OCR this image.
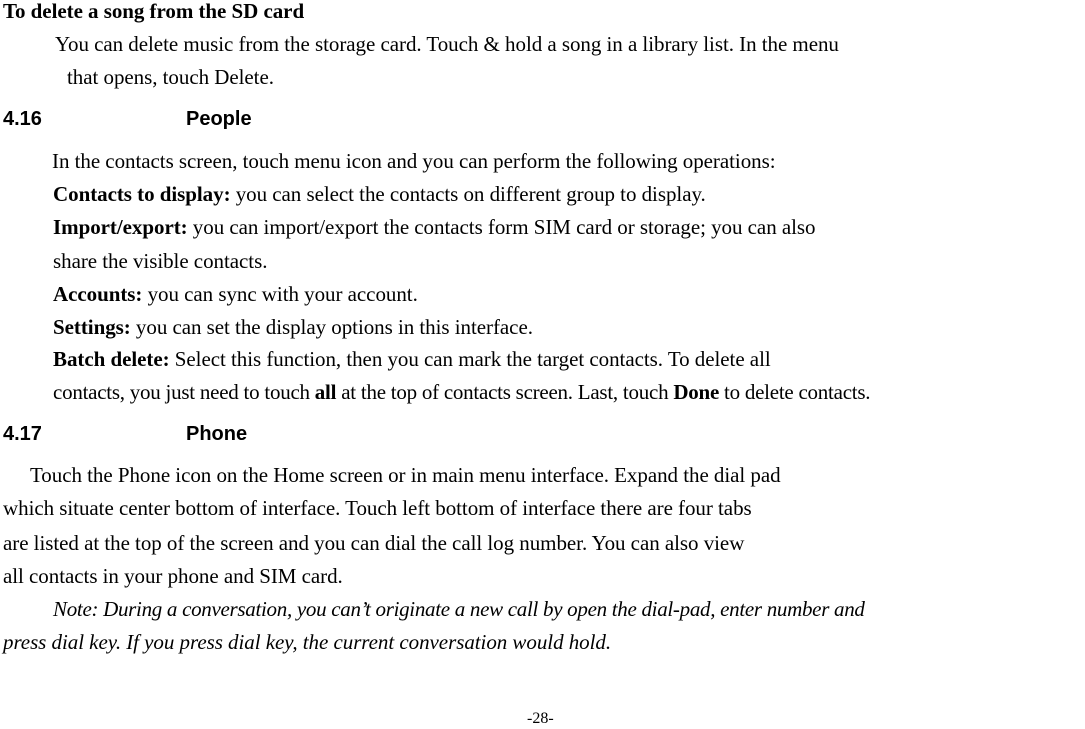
To delete a song from the SD card
You can delete music from the storage card. Touch & hold a song in a library list. In the menu
that opens, touch Delete.
4.16	People
In the contacts screen, touch menu icon and you can perform the following operations:
Contacts to display: you can select the contacts on different group to display.
Import/export: you can import/export the contacts form SIM card or storage; you can also
share the visible contacts.
Accounts: you can sync with your account.
Settings: you can set the display options in this interface.
Batch delete: Select this function, then you can mark the target contacts. To delete all
contacts, you just need to touch all at the top of contacts screen. Last, touch Done to delete contacts.
4.17	Phone
Touch the Phone icon on the Home screen or in main menu interface. Expand the dial pad
which situate center bottom of interface. Touch left bottom of interface there are four tabs
are listed at the top of the screen and you can dial the call log number. You can also view
all contacts in your phone and SIM card.
Note: During a conversation, you can’t originate a new call by open the dial-pad, enter number and
press dial key. If you press dial key, the current conversation would hold.
-28-
